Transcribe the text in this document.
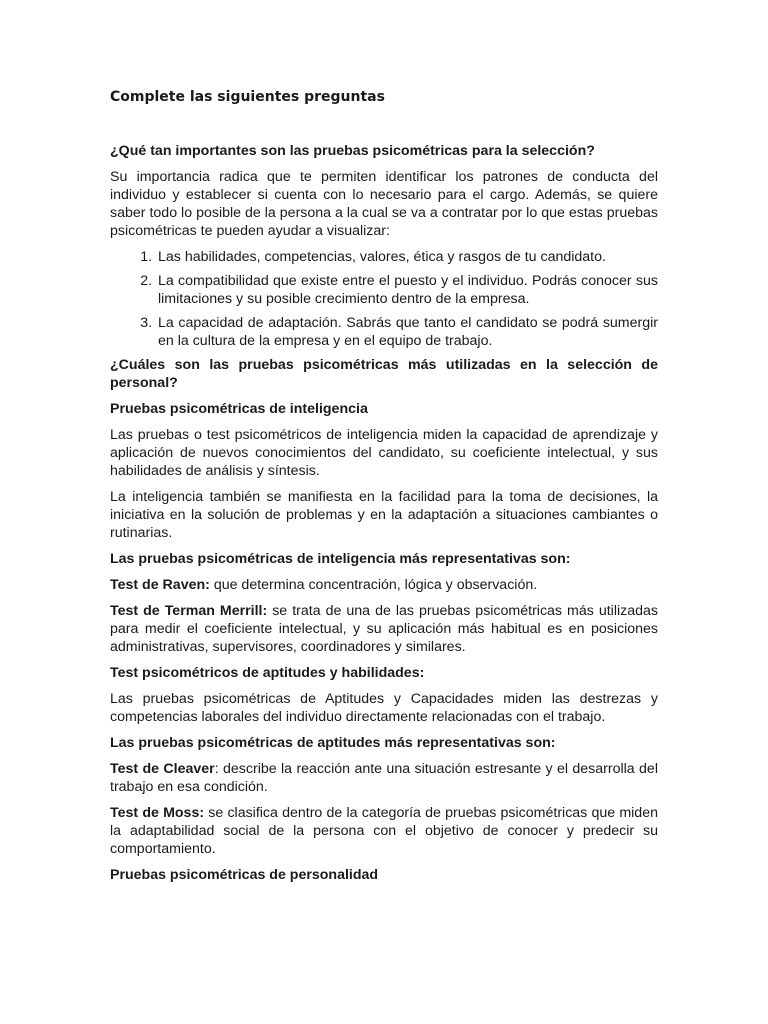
Complete las siguientes preguntas
¿Qué tan importantes son las pruebas psicométricas para la selección?

Su importancia radica que te permiten identificar los patrones de conducta del individuo y establecer si cuenta con lo necesario para el cargo. Además, se quiere saber todo lo posible de la persona a la cual se va a contratar por lo que estas pruebas psicométricas te pueden ayudar a visualizar:

1. Las habilidades, competencias, valores, ética y rasgos de tu candidato.
2. La compatibilidad que existe entre el puesto y el individuo. Podrás conocer sus limitaciones y su posible crecimiento dentro de la empresa.
3. La capacidad de adaptación. Sabrás que tanto el candidato se podrá sumergir en la cultura de la empresa y en el equipo de trabajo.
¿Cuáles son las pruebas psicométricas más utilizadas en la selección de personal?
Pruebas psicométricas de inteligencia

Las pruebas o test psicométricos de inteligencia miden la capacidad de aprendizaje y aplicación de nuevos conocimientos del candidato, su coeficiente intelectual, y sus habilidades de análisis y síntesis.

La inteligencia también se manifiesta en la facilidad para la toma de decisiones, la iniciativa en la solución de problemas y en la adaptación a situaciones cambiantes o rutinarias.

Las pruebas psicométricas de inteligencia más representativas son:

Test de Raven: que determina concentración, lógica y observación.

Test de Terman Merrill: se trata de una de las pruebas psicométricas más utilizadas para medir el coeficiente intelectual, y su aplicación más habitual es en posiciones administrativas, supervisores, coordinadores y similares.

Test psicométricos de aptitudes y habilidades:

Las pruebas psicométricas de Aptitudes y Capacidades miden las destrezas y competencias laborales del individuo directamente relacionadas con el trabajo.

Las pruebas psicométricas de aptitudes más representativas son:

Test de Cleaver: describe la reacción ante una situación estresante y el desarrolla del trabajo en esa condición.

Test de Moss: se clasifica dentro de la categoría de pruebas psicométricas que miden la adaptabilidad social de la persona con el objetivo de conocer y predecir su comportamiento.

Pruebas psicométricas de personalidad
